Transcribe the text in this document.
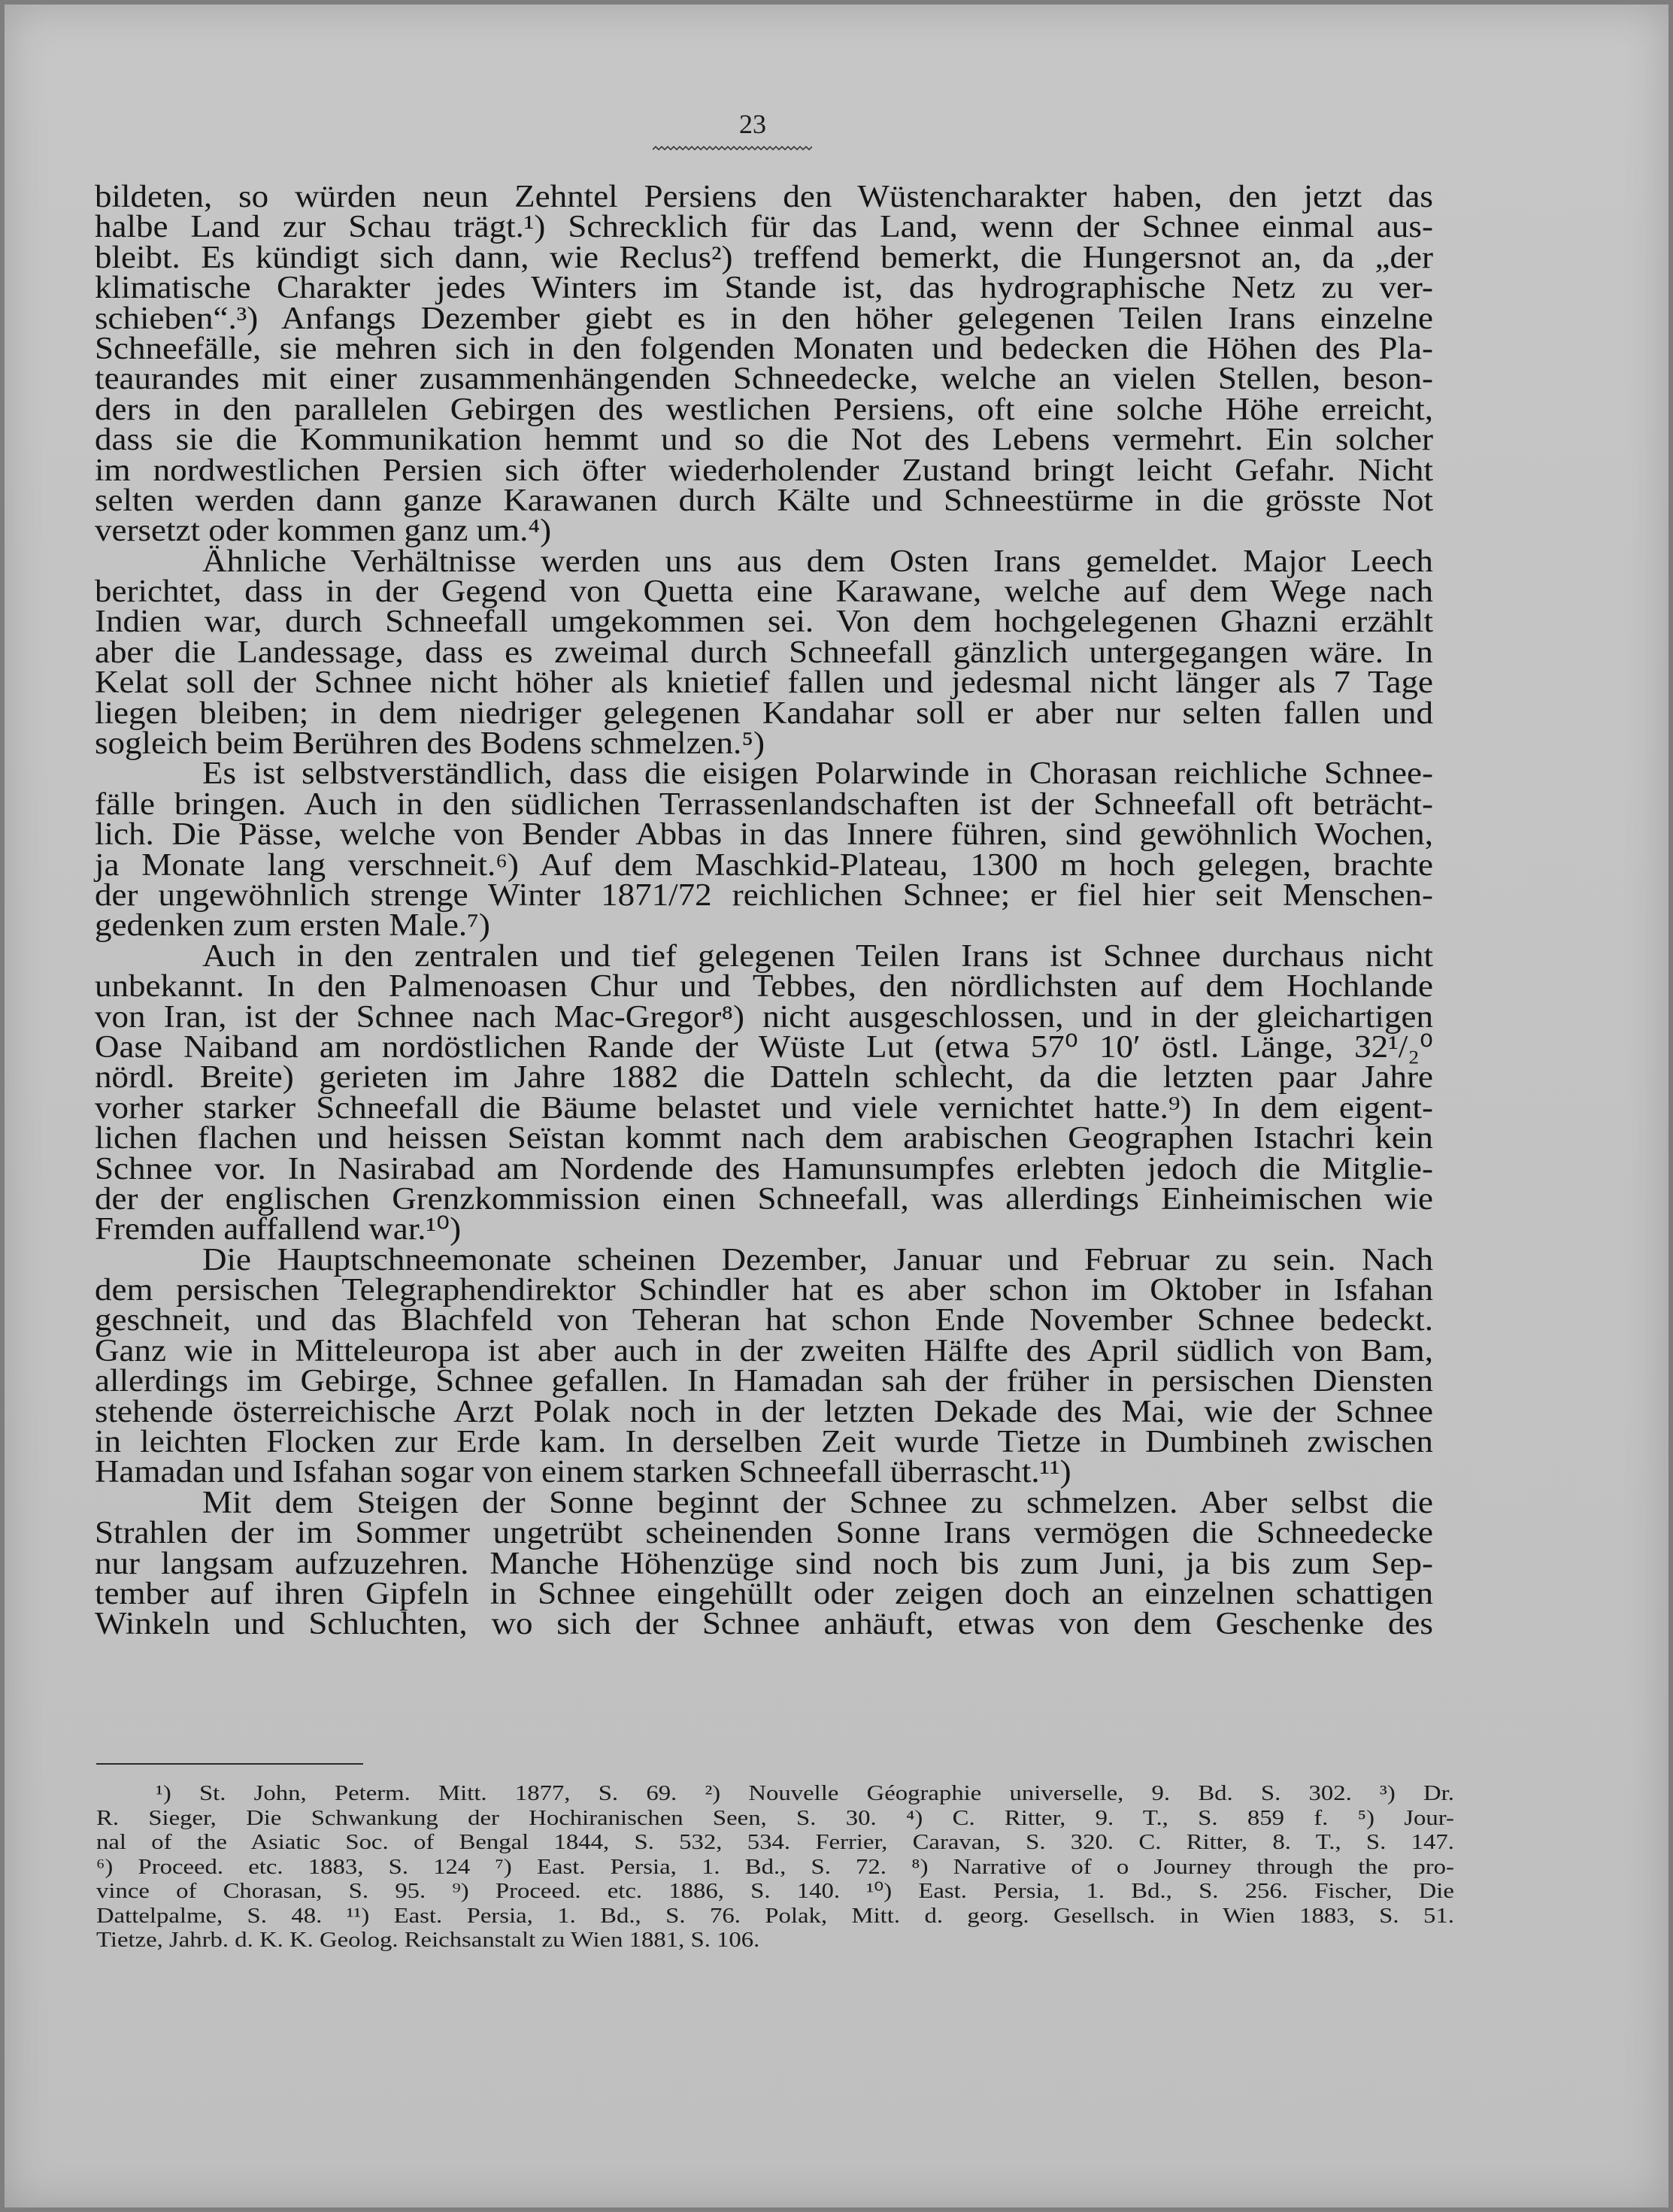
23
bildeten, so würden neun Zehntel Persiens den Wüstencharakter haben, den jetzt das
halbe Land zur Schau trägt.¹) Schrecklich für das Land, wenn der Schnee einmal aus-
bleibt. Es kündigt sich dann, wie Reclus²) treffend bemerkt, die Hungersnot an, da „der
klimatische Charakter jedes Winters im Stande ist, das hydrographische Netz zu ver-
schieben“.³) Anfangs Dezember giebt es in den höher gelegenen Teilen Irans einzelne
Schneefälle, sie mehren sich in den folgenden Monaten und bedecken die Höhen des Pla-
teaurandes mit einer zusammenhängenden Schneedecke, welche an vielen Stellen, beson-
ders in den parallelen Gebirgen des westlichen Persiens, oft eine solche Höhe erreicht,
dass sie die Kommunikation hemmt und so die Not des Lebens vermehrt. Ein solcher
im nordwestlichen Persien sich öfter wiederholender Zustand bringt leicht Gefahr. Nicht
selten werden dann ganze Karawanen durch Kälte und Schneestürme in die grösste Not
versetzt oder kommen ganz um.⁴)
Ähnliche Verhältnisse werden uns aus dem Osten Irans gemeldet. Major Leech
berichtet, dass in der Gegend von Quetta eine Karawane, welche auf dem Wege nach
Indien war, durch Schneefall umgekommen sei. Von dem hochgelegenen Ghazni erzählt
aber die Landessage, dass es zweimal durch Schneefall gänzlich untergegangen wäre. In
Kelat soll der Schnee nicht höher als knietief fallen und jedesmal nicht länger als 7 Tage
liegen bleiben; in dem niedriger gelegenen Kandahar soll er aber nur selten fallen und
sogleich beim Berühren des Bodens schmelzen.⁵)
Es ist selbstverständlich, dass die eisigen Polarwinde in Chorasan reichliche Schnee-
fälle bringen. Auch in den südlichen Terrassenlandschaften ist der Schneefall oft beträcht-
lich. Die Pässe, welche von Bender Abbas in das Innere führen, sind gewöhnlich Wochen,
ja Monate lang verschneit.⁶) Auf dem Maschkid-Plateau, 1300 m hoch gelegen, brachte
der ungewöhnlich strenge Winter 1871/72 reichlichen Schnee; er fiel hier seit Menschen-
gedenken zum ersten Male.⁷)
Auch in den zentralen und tief gelegenen Teilen Irans ist Schnee durchaus nicht
unbekannt. In den Palmenoasen Chur und Tebbes, den nördlichsten auf dem Hochlande
von Iran, ist der Schnee nach Mac-Gregor⁸) nicht ausgeschlossen, und in der gleichartigen
Oase Naiband am nordöstlichen Rande der Wüste Lut (etwa 57⁰ 10′ östl. Länge, 32¹/₂⁰
nördl. Breite) gerieten im Jahre 1882 die Datteln schlecht, da die letzten paar Jahre
vorher starker Schneefall die Bäume belastet und viele vernichtet hatte.⁹) In dem eigent-
lichen flachen und heissen Seïstan kommt nach dem arabischen Geographen Istachri kein
Schnee vor. In Nasirabad am Nordende des Hamunsumpfes erlebten jedoch die Mitglie-
der der englischen Grenzkommission einen Schneefall, was allerdings Einheimischen wie
Fremden auffallend war.¹⁰)
Die Hauptschneemonate scheinen Dezember, Januar und Februar zu sein. Nach
dem persischen Telegraphendirektor Schindler hat es aber schon im Oktober in Isfahan
geschneit, und das Blachfeld von Teheran hat schon Ende November Schnee bedeckt.
Ganz wie in Mitteleuropa ist aber auch in der zweiten Hälfte des April südlich von Bam,
allerdings im Gebirge, Schnee gefallen. In Hamadan sah der früher in persischen Diensten
stehende österreichische Arzt Polak noch in der letzten Dekade des Mai, wie der Schnee
in leichten Flocken zur Erde kam. In derselben Zeit wurde Tietze in Dumbineh zwischen
Hamadan und Isfahan sogar von einem starken Schneefall überrascht.¹¹)
Mit dem Steigen der Sonne beginnt der Schnee zu schmelzen. Aber selbst die
Strahlen der im Sommer ungetrübt scheinenden Sonne Irans vermögen die Schneedecke
nur langsam aufzuzehren. Manche Höhenzüge sind noch bis zum Juni, ja bis zum Sep-
tember auf ihren Gipfeln in Schnee eingehüllt oder zeigen doch an einzelnen schattigen
Winkeln und Schluchten, wo sich der Schnee anhäuft, etwas von dem Geschenke des
¹) St. John, Peterm. Mitt. 1877, S. 69. ²) Nouvelle Géographie universelle, 9. Bd. S. 302. ³) Dr.
R. Sieger, Die Schwankung der Hochiranischen Seen, S. 30. ⁴) C. Ritter, 9. T., S. 859 f. ⁵) Jour-
nal of the Asiatic Soc. of Bengal 1844, S. 532, 534. Ferrier, Caravan, S. 320. C. Ritter, 8. T., S. 147.
⁶) Proceed. etc. 1883, S. 124 ⁷) East. Persia, 1. Bd., S. 72. ⁸) Narrative of o Journey through the pro-
vince of Chorasan, S. 95. ⁹) Proceed. etc. 1886, S. 140. ¹⁰) East. Persia, 1. Bd., S. 256. Fischer, Die
Dattelpalme, S. 48. ¹¹) East. Persia, 1. Bd., S. 76. Polak, Mitt. d. georg. Gesellsch. in Wien 1883, S. 51.
Tietze, Jahrb. d. K. K. Geolog. Reichsanstalt zu Wien 1881, S. 106.
